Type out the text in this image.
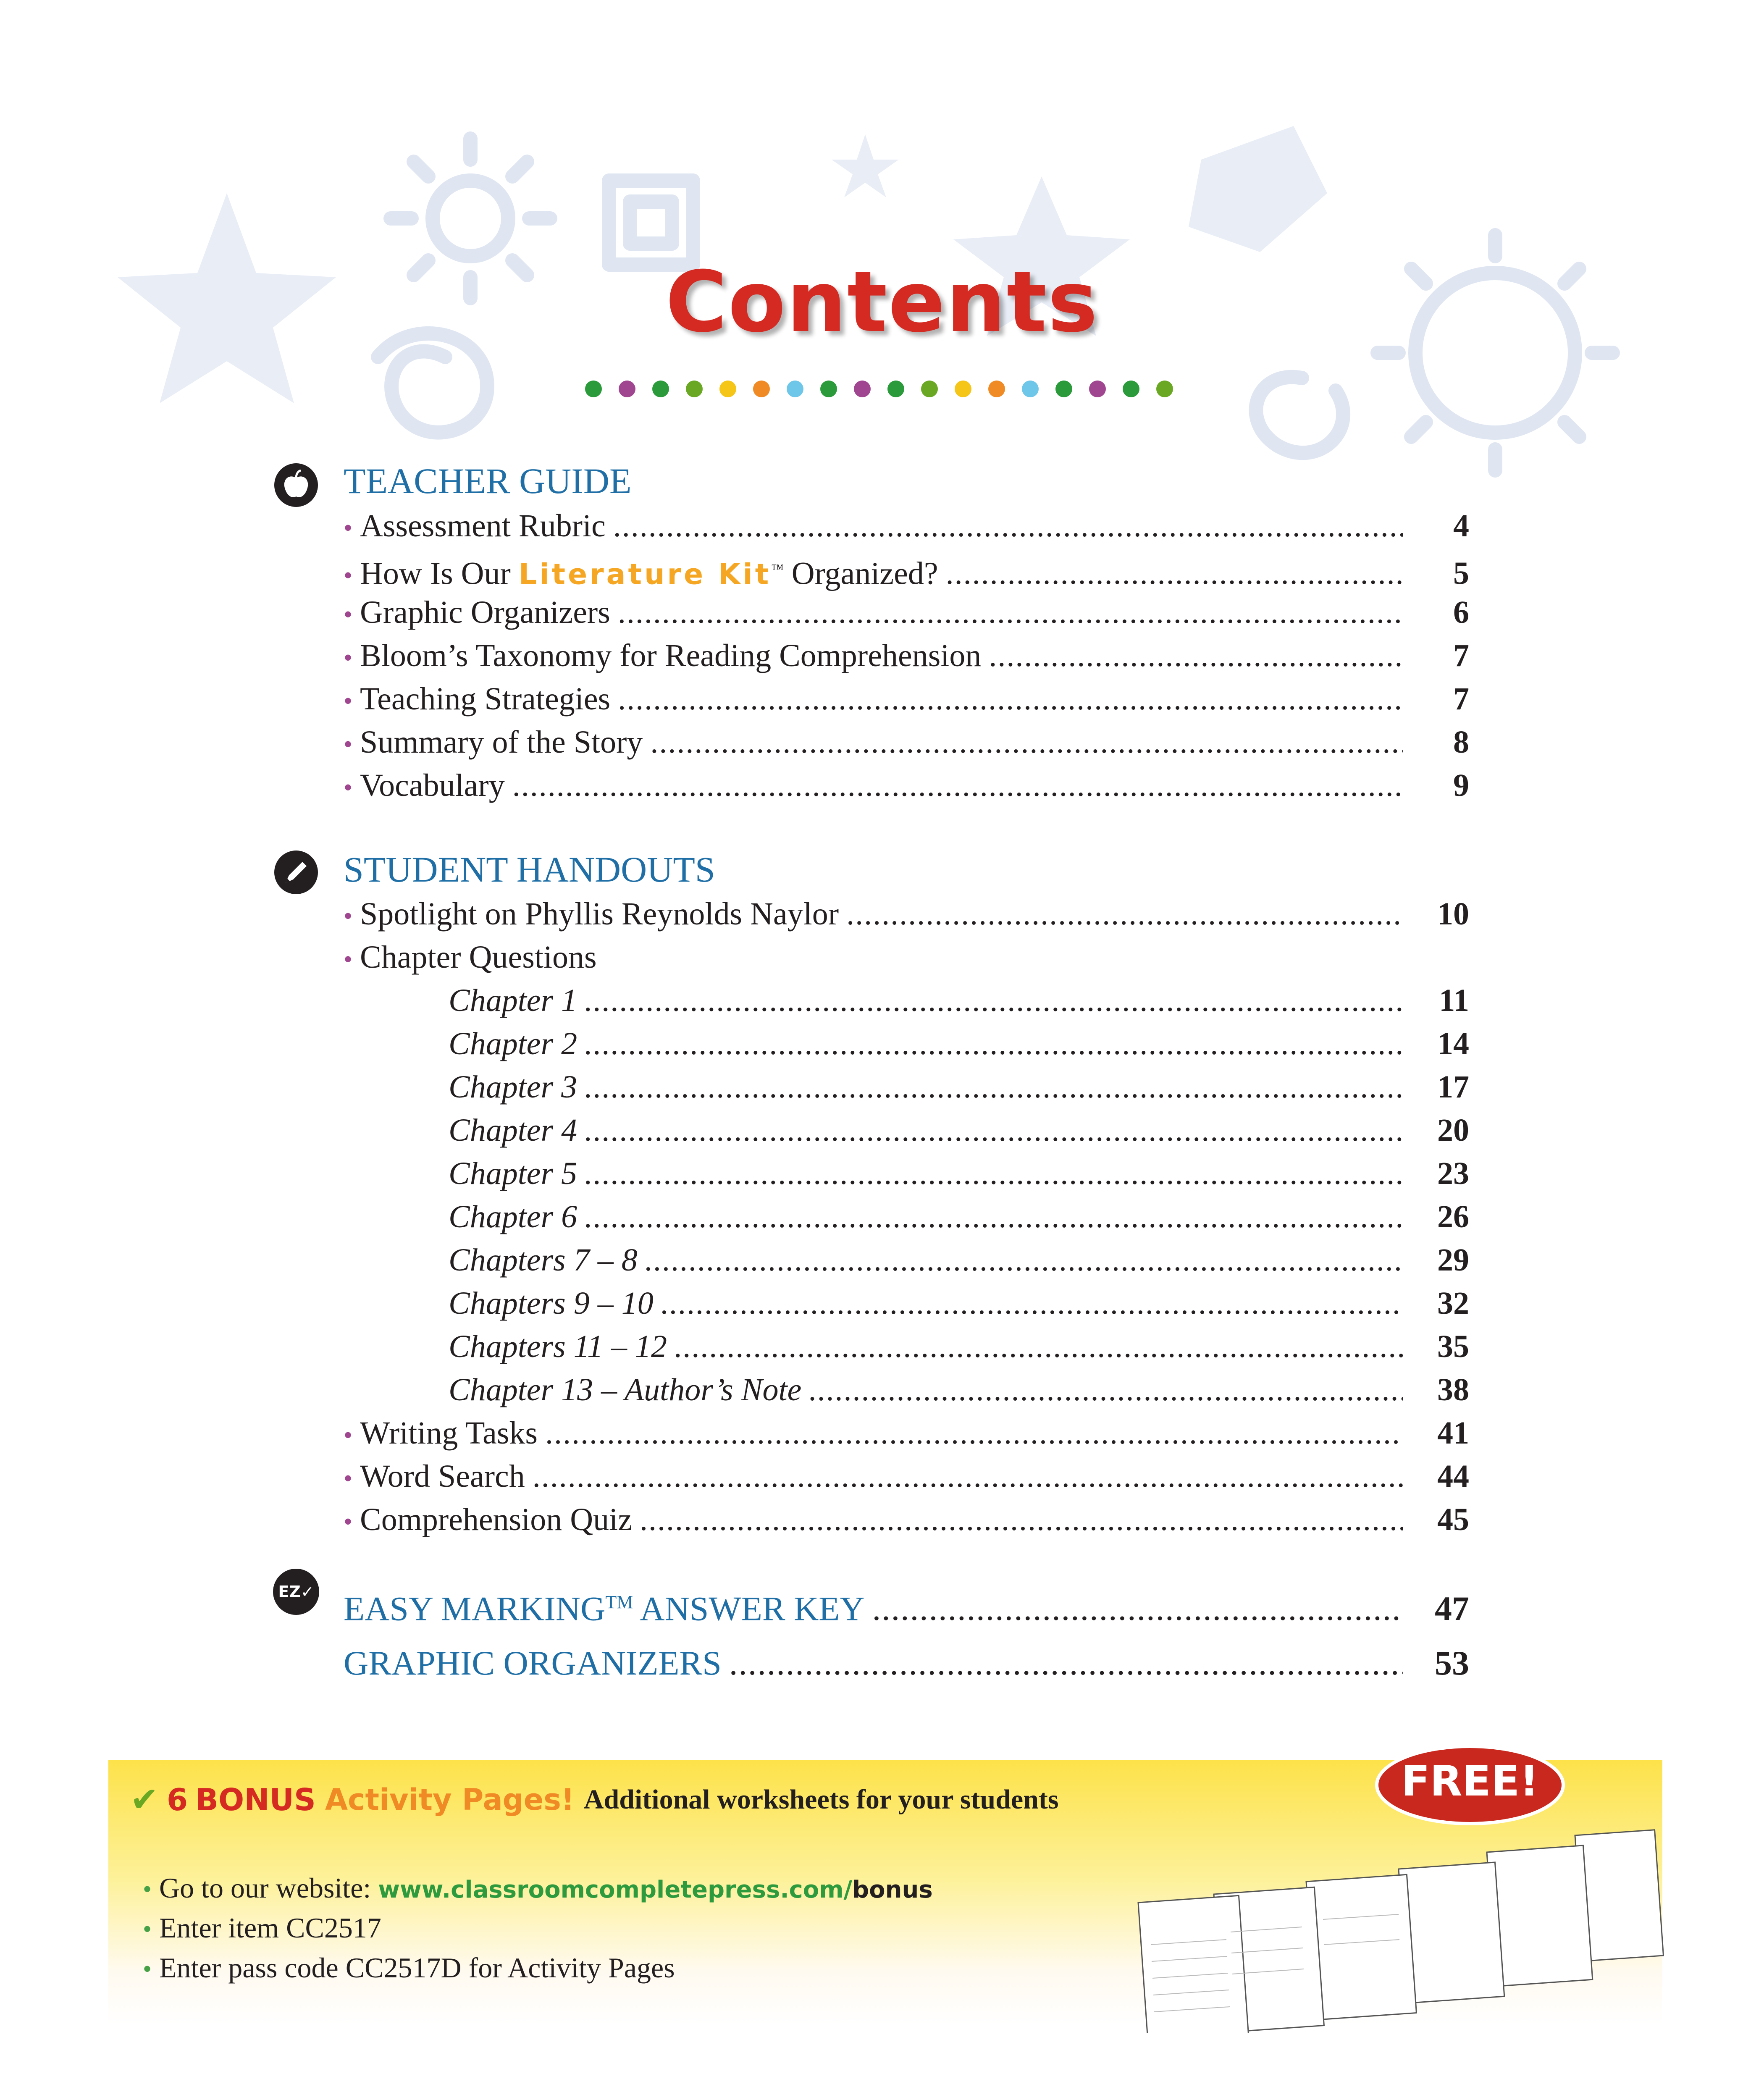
Contents
TEACHER GUIDE
• Assessment Rubric .....	4
• How Is Our Literature Kit™ Organized? .....	5
• Graphic Organizers .....	6
• Bloom’s Taxonomy for Reading Comprehension .....	7
• Teaching Strategies .....	7
• Summary of the Story .....	8
• Vocabulary .....	9
STUDENT HANDOUTS
• Spotlight on Phyllis Reynolds Naylor .....	10
• Chapter Questions
Chapter 1 .....	11
Chapter 2 .....	14
Chapter 3 .....	17
Chapter 4 .....	20
Chapter 5 .....	23
Chapter 6 .....	26
Chapters 7 – 8 .....	29
Chapters 9 – 10 .....	32
Chapters 11 – 12 .....	35
Chapter 13 – Author’s Note .....	38
• Writing Tasks .....	41
• Word Search .....	44
• Comprehension Quiz .....	45
EZ✓ EASY MARKING™ ANSWER KEY .....	47
GRAPHIC ORGANIZERS .....	53
✔ 6 BONUS Activity Pages! Additional worksheets for your students
• Go to our website: www.classroomcompletepress.com/bonus
• Enter item CC2517
• Enter pass code CC2517D for Activity Pages
FREE!
